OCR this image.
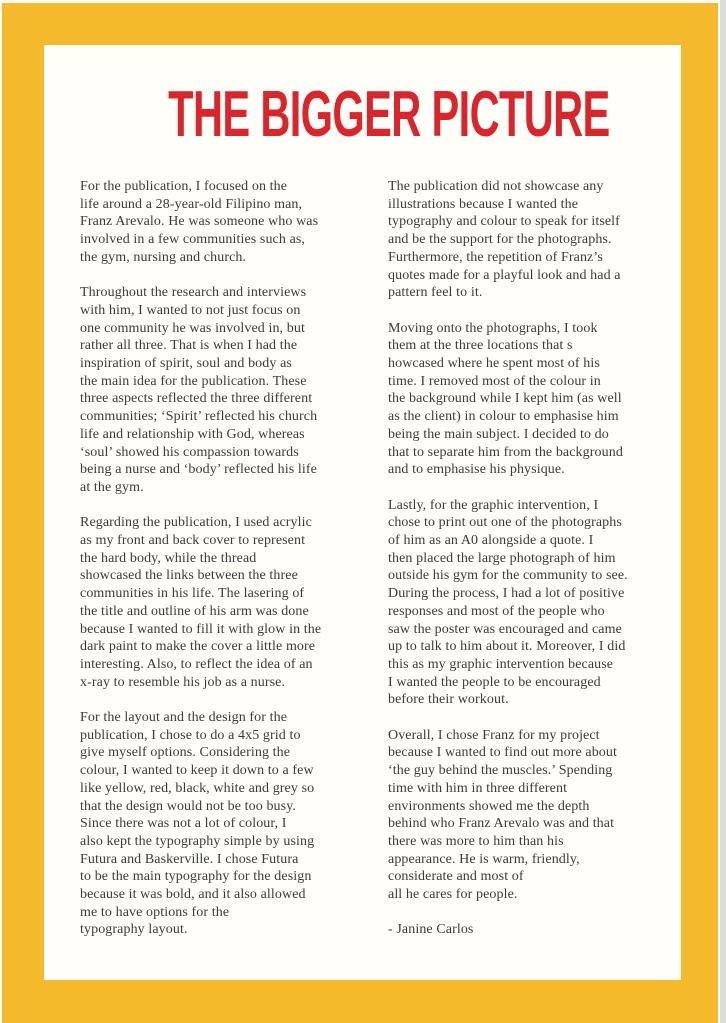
THE BIGGER PICTURE

For the publication, I focused on the
life around a 28-year-old Filipino man,
Franz Arevalo. He was someone who was
involved in a few communities such as,
the gym, nursing and church.

Throughout the research and interviews
with him, I wanted to not just focus on
one community he was involved in, but
rather all three. That is when I had the
inspiration of spirit, soul and body as
the main idea for the publication. These
three aspects reflected the three different
communities; ‘Spirit’ reflected his church
life and relationship with God, whereas
‘soul’ showed his compassion towards
being a nurse and ‘body’ reflected his life
at the gym.

Regarding the publication, I used acrylic
as my front and back cover to represent
the hard body, while the thread
showcased the links between the three
communities in his life. The lasering of
the title and outline of his arm was done
because I wanted to fill it with glow in the
dark paint to make the cover a little more
interesting. Also, to reflect the idea of an
x-ray to resemble his job as a nurse.

For the layout and the design for the
publication, I chose to do a 4x5 grid to
give myself options. Considering the
colour, I wanted to keep it down to a few
like yellow, red, black, white and grey so
that the design would not be too busy.
Since there was not a lot of colour, I
also kept the typography simple by using
Futura and Baskerville. I chose Futura
to be the main typography for the design
because it was bold, and it also allowed
me to have options for the
typography layout.

The publication did not showcase any
illustrations because I wanted the
typography and colour to speak for itself
and be the support for the photographs.
Furthermore, the repetition of Franz’s
quotes made for a playful look and had a
pattern feel to it.

Moving onto the photographs, I took
them at the three locations that s
howcased where he spent most of his
time. I removed most of the colour in
the background while I kept him (as well
as the client) in colour to emphasise him
being the main subject. I decided to do
that to separate him from the background
and to emphasise his physique.

Lastly, for the graphic intervention, I
chose to print out one of the photographs
of him as an A0 alongside a quote. I
then placed the large photograph of him
outside his gym for the community to see.
During the process, I had a lot of positive
responses and most of the people who
saw the poster was encouraged and came
up to talk to him about it. Moreover, I did
this as my graphic intervention because
I wanted the people to be encouraged
before their workout.

Overall, I chose Franz for my project
because I wanted to find out more about
‘the guy behind the muscles.’ Spending
time with him in three different
environments showed me the depth
behind who Franz Arevalo was and that
there was more to him than his
appearance. He is warm, friendly,
considerate and most of
all he cares for people.

- Janine Carlos
